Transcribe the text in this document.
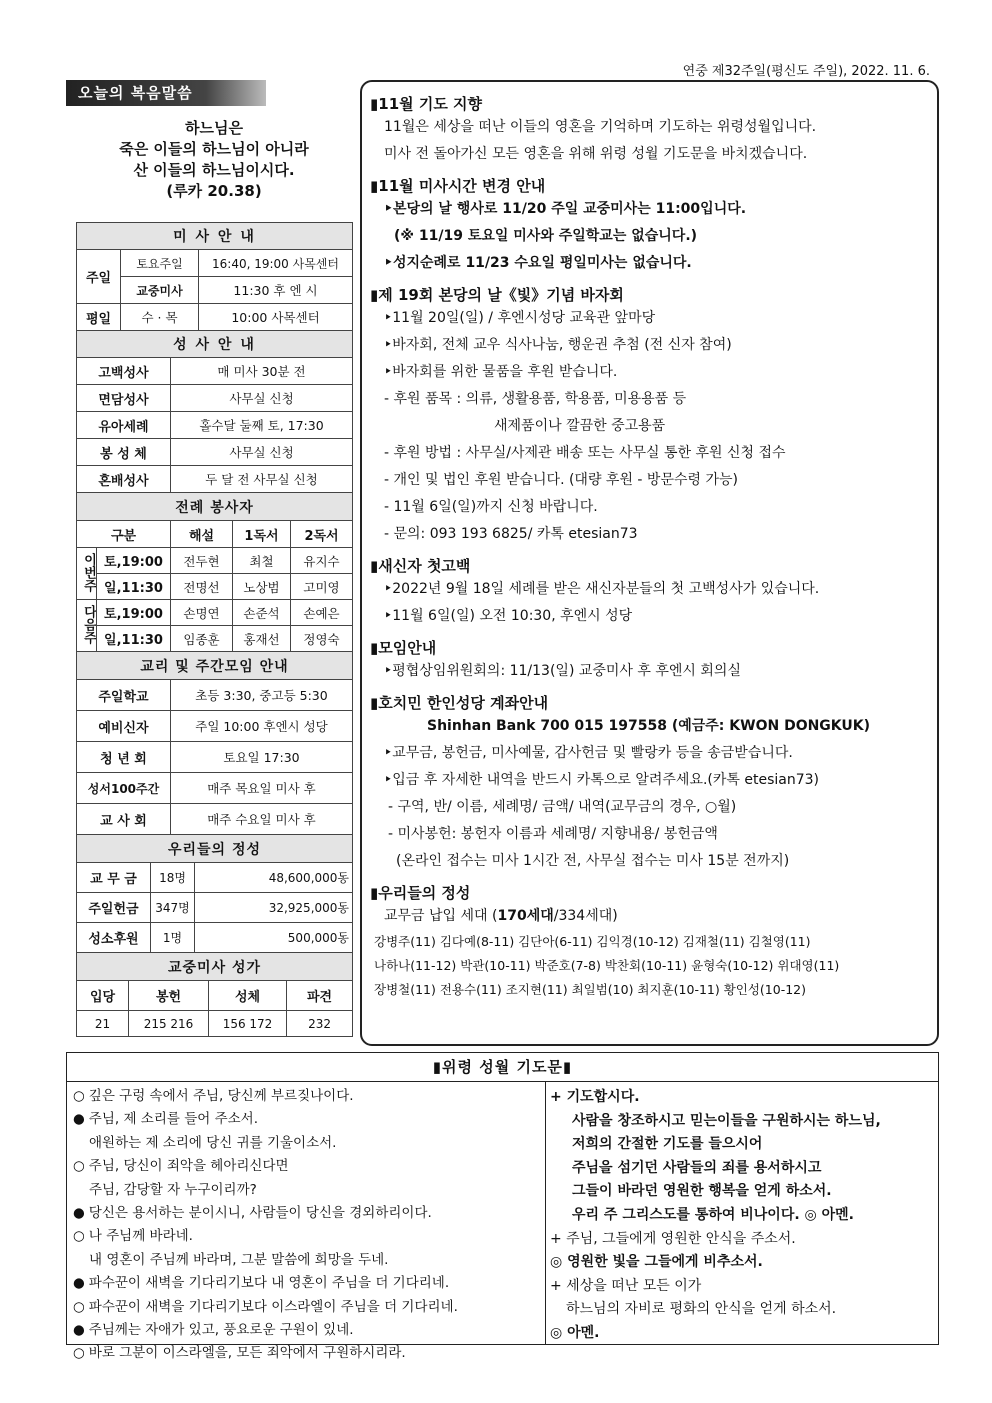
연중 제32주일(평신도 주일), 2022. 11. 6.
오늘의 복음말씀
하느님은
죽은 이들의 하느님이 아니라
산 이들의 하느님이시다.
(루카 20.38)
미 사 안 내		
주일	토요주일	16:40, 19:00 사목센터
	교중미사	11:30 후 엔 시
평일	수 · 목	10:00 사목센터
성 사 안 내	
고백성사	매 미사 30분 전
면담성사	사무실 신청
유아세례	홀수달 둘째 토, 17:30
봉 성 체	사무실 신청
혼배성사	두 달 전 사무실 신청
전례 봉사자				
구분		해설	1독서	2독서
이번주	토,19:00	전두현	최철	유지수
	일,11:30	전명선	노상범	고미영
다음주	토,19:00	손명연	손준석	손예은
	일,11:30	임종훈	홍재선	정영숙
교리 및 주간모임 안내	
주일학교	초등 3:30, 중고등 5:30
예비신자	주일 10:00 후엔시 성당
청 년 회	토요일 17:30
성서100주간	매주 목요일 미사 후
교 사 회	매주 수요일 미사 후
우리들의 정성		
교 무 금	18명	48,600,000동
주일헌금	347명	32,925,000동
성소후원	1명	500,000동
교중미사 성가			
입당	봉헌	성체	파견
21	215 216	156 172	232
▮11월 기도 지향
11월은 세상을 떠난 이들의 영혼을 기억하며 기도하는 위령성월입니다.
미사 전 돌아가신 모든 영혼을 위해 위령 성월 기도문을 바치겠습니다.
▮11월 미사시간 변경 안내
‣본당의 날 행사로 11/20 주일 교중미사는 11:00입니다.
(※ 11/19 토요일 미사와 주일학교는 없습니다.)
‣성지순례로 11/23 수요일 평일미사는 없습니다.
▮제 19회 본당의 날《빛》기념 바자회
‣11월 20일(일) / 후엔시성당 교육관 앞마당
‣바자회, 전체 교우 식사나눔, 행운권 추첨 (전 신자 참여)
‣바자회를 위한 물품을 후원 받습니다.
- 후원 품목 : 의류, 생활용품, 학용품, 미용용품 등
새제품이나 깔끔한 중고용품
- 후원 방법 : 사무실/사제관 배송 또는 사무실 통한 후원 신청 접수
- 개인 및 법인 후원 받습니다. (대량 후원 - 방문수령 가능)
- 11월 6일(일)까지 신청 바랍니다.
- 문의: 093 193 6825/ 카톡 etesian73
▮새신자 첫고백
‣2022년 9월 18일 세례를 받은 새신자분들의 첫 고백성사가 있습니다.
‣11월 6일(일) 오전 10:30, 후엔시 성당
▮모임안내
‣평협상임위원회의: 11/13(일) 교중미사 후 후엔시 회의실
▮호치민 한인성당 계좌안내
Shinhan Bank 700 015 197558 (예금주: KWON DONGKUK)
‣교무금, 봉헌금, 미사예물, 감사헌금 및 빨랑카 등을 송금받습니다.
‣입금 후 자세한 내역을 반드시 카톡으로 알려주세요.(카톡 etesian73)
- 구역, 반/ 이름, 세례명/ 금액/ 내역(교무금의 경우, ○월)
- 미사봉헌: 봉헌자 이름과 세례명/ 지향내용/ 봉헌금액
(온라인 접수는 미사 1시간 전, 사무실 접수는 미사 15분 전까지)
▮우리들의 정성
교무금 납입 세대 (170세대/334세대)
강병주(11) 김다예(8-11) 김단아(6-11) 김익경(10-12) 김재철(11) 김철영(11)
나하나(11-12) 박관(10-11) 박준호(7-8) 박찬회(10-11) 윤형숙(10-12) 위대영(11)
장병철(11) 전용수(11) 조지현(11) 최일범(10) 최지훈(10-11) 황인성(10-12)
▮위령 성월 기도문▮
○ 깊은 구렁 속에서 주님, 당신께 부르짖나이다.
● 주님, 제 소리를 들어 주소서.
애원하는 제 소리에 당신 귀를 기울이소서.
○ 주님, 당신이 죄악을 헤아리신다면
주님, 감당할 자 누구이리까?
● 당신은 용서하는 분이시니, 사람들이 당신을 경외하리이다.
○ 나 주님께 바라네.
내 영혼이 주님께 바라며, 그분 말씀에 희망을 두네.
● 파수꾼이 새벽을 기다리기보다 내 영혼이 주님을 더 기다리네.
○ 파수꾼이 새벽을 기다리기보다 이스라엘이 주님을 더 기다리네.
● 주님께는 자애가 있고, 풍요로운 구원이 있네.
○ 바로 그분이 이스라엘을, 모든 죄악에서 구원하시리라.
+ 기도합시다.
사람을 창조하시고 믿는이들을 구원하시는 하느님,
저희의 간절한 기도를 들으시어
주님을 섬기던 사람들의 죄를 용서하시고
그들이 바라던 영원한 행복을 얻게 하소서.
우리 주 그리스도를 통하여 비나이다. ◎ 아멘.
+ 주님, 그들에게 영원한 안식을 주소서.
◎ 영원한 빛을 그들에게 비추소서.
+ 세상을 떠난 모든 이가
하느님의 자비로 평화의 안식을 얻게 하소서.
◎ 아멘.
